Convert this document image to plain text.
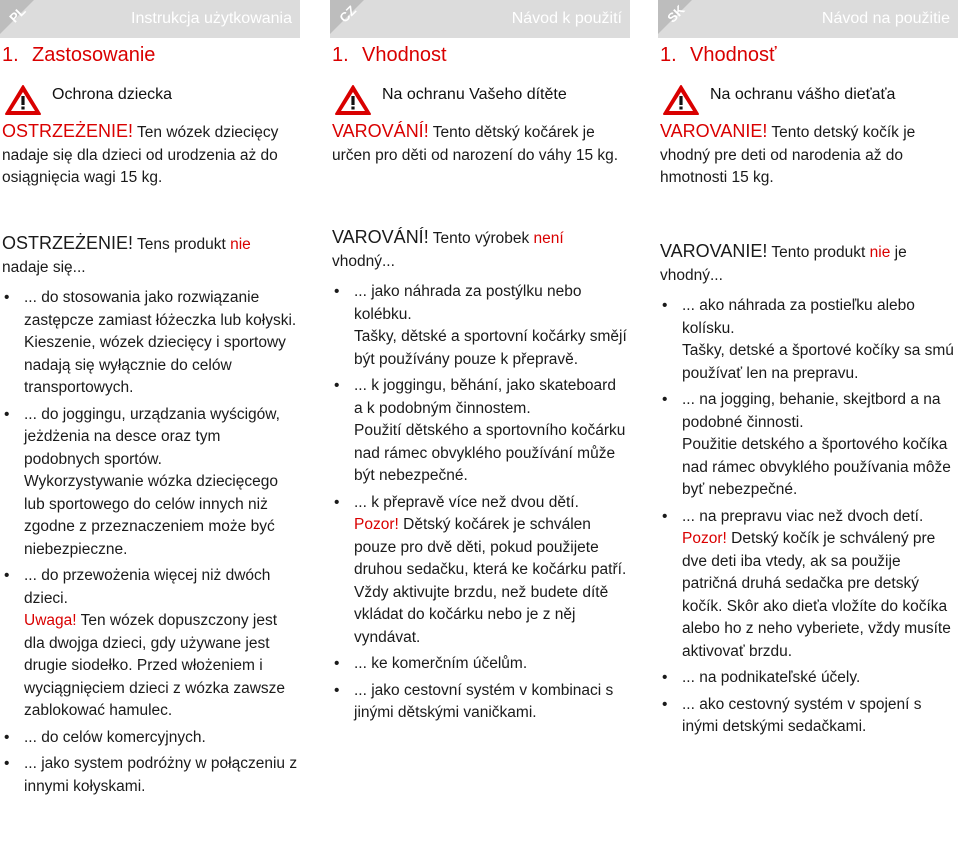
PL	Instrukcja użytkowania
1. Zastosowanie
Ochrona dziecka
OSTRZEŻENIE! Ten wózek dziecięcy nadaje się dla dzieci od urodzenia aż do osiągnięcia wagi 15 kg.

OSTRZEŻENIE! Tens produkt nie nadaje się...

• ... do stosowania jako rozwiązanie zastępcze zamiast łóżeczka lub kołyski.
Kieszenie, wózek dziecięcy i sportowy nadają się wyłącznie do celów transportowych.
• ... do joggingu, urządzania wyścigów, jeżdżenia na desce oraz tym podobnych sportów.
Wykorzystywanie wózka dziecięcego lub sportowego do celów innych niż zgodne z przeznaczeniem może być niebezpieczne.
• ... do przewożenia więcej niż dwóch dzieci.
Uwaga! Ten wózek dopuszczony jest dla dwojga dzieci, gdy używane jest drugie siodełko. Przed włożeniem i wyciągnięciem dzieci z wózka zawsze zablokować hamulec.
• ... do celów komercyjnych.
• ... jako system podróżny w połączeniu z innymi kołyskami.
CZ	Návod k použití
1. Vhodnost
Na ochranu Vašeho dítěte
VAROVÁNÍ! Tento dětský kočárek je určen pro děti od narození do váhy 15 kg.

VAROVÁNÍ! Tento výrobek není vhodný...

• ... jako náhrada za postýlku nebo kolébku.
Tašky, dětské a sportovní kočárky smějí být používány pouze k přepravě.
• ... k joggingu, běhání, jako skateboard a k podobným činnostem.
Použití dětského a sportovního kočárku nad rámec obvyklého používání může být nebezpečné.
• ... k přepravě více než dvou dětí.
Pozor! Dětský kočárek je schválen pouze pro dvě děti, pokud použijete druhou sedačku, která ke kočárku patří. Vždy aktivujte brzdu, než budete dítě vkládat do kočárku nebo je z něj vyndávat.
• ... ke komerčním účelům.
• ... jako cestovní systém v kombinaci s jinými dětskými vaničkami.
SK	Návod na použitie
1. Vhodnosť
Na ochranu vášho dieťaťa
VAROVANIE! Tento detský kočík je vhodný pre deti od narodenia až do hmotnosti 15 kg.

VAROVANIE! Tento produkt nie je vhodný...

• ... ako náhrada za postieľku alebo kolísku.
Tašky, detské a športové kočíky sa smú používať len na prepravu.
• ... na jogging, behanie, skejtbord a na podobné činnosti.
Použitie detského a športového kočíka nad rámec obvyklého používania môže byť nebezpečné.
• ... na prepravu viac než dvoch detí.
Pozor! Detský kočík je schválený pre dve deti iba vtedy, ak sa použije patričná druhá sedačka pre detský kočík. Skôr ako dieťa vložíte do kočíka alebo ho z neho vyberiete, vždy musíte aktivovať brzdu.
• ... na podnikateľské účely.
• ... ako cestovný systém v spojení s inými detskými sedačkami.
